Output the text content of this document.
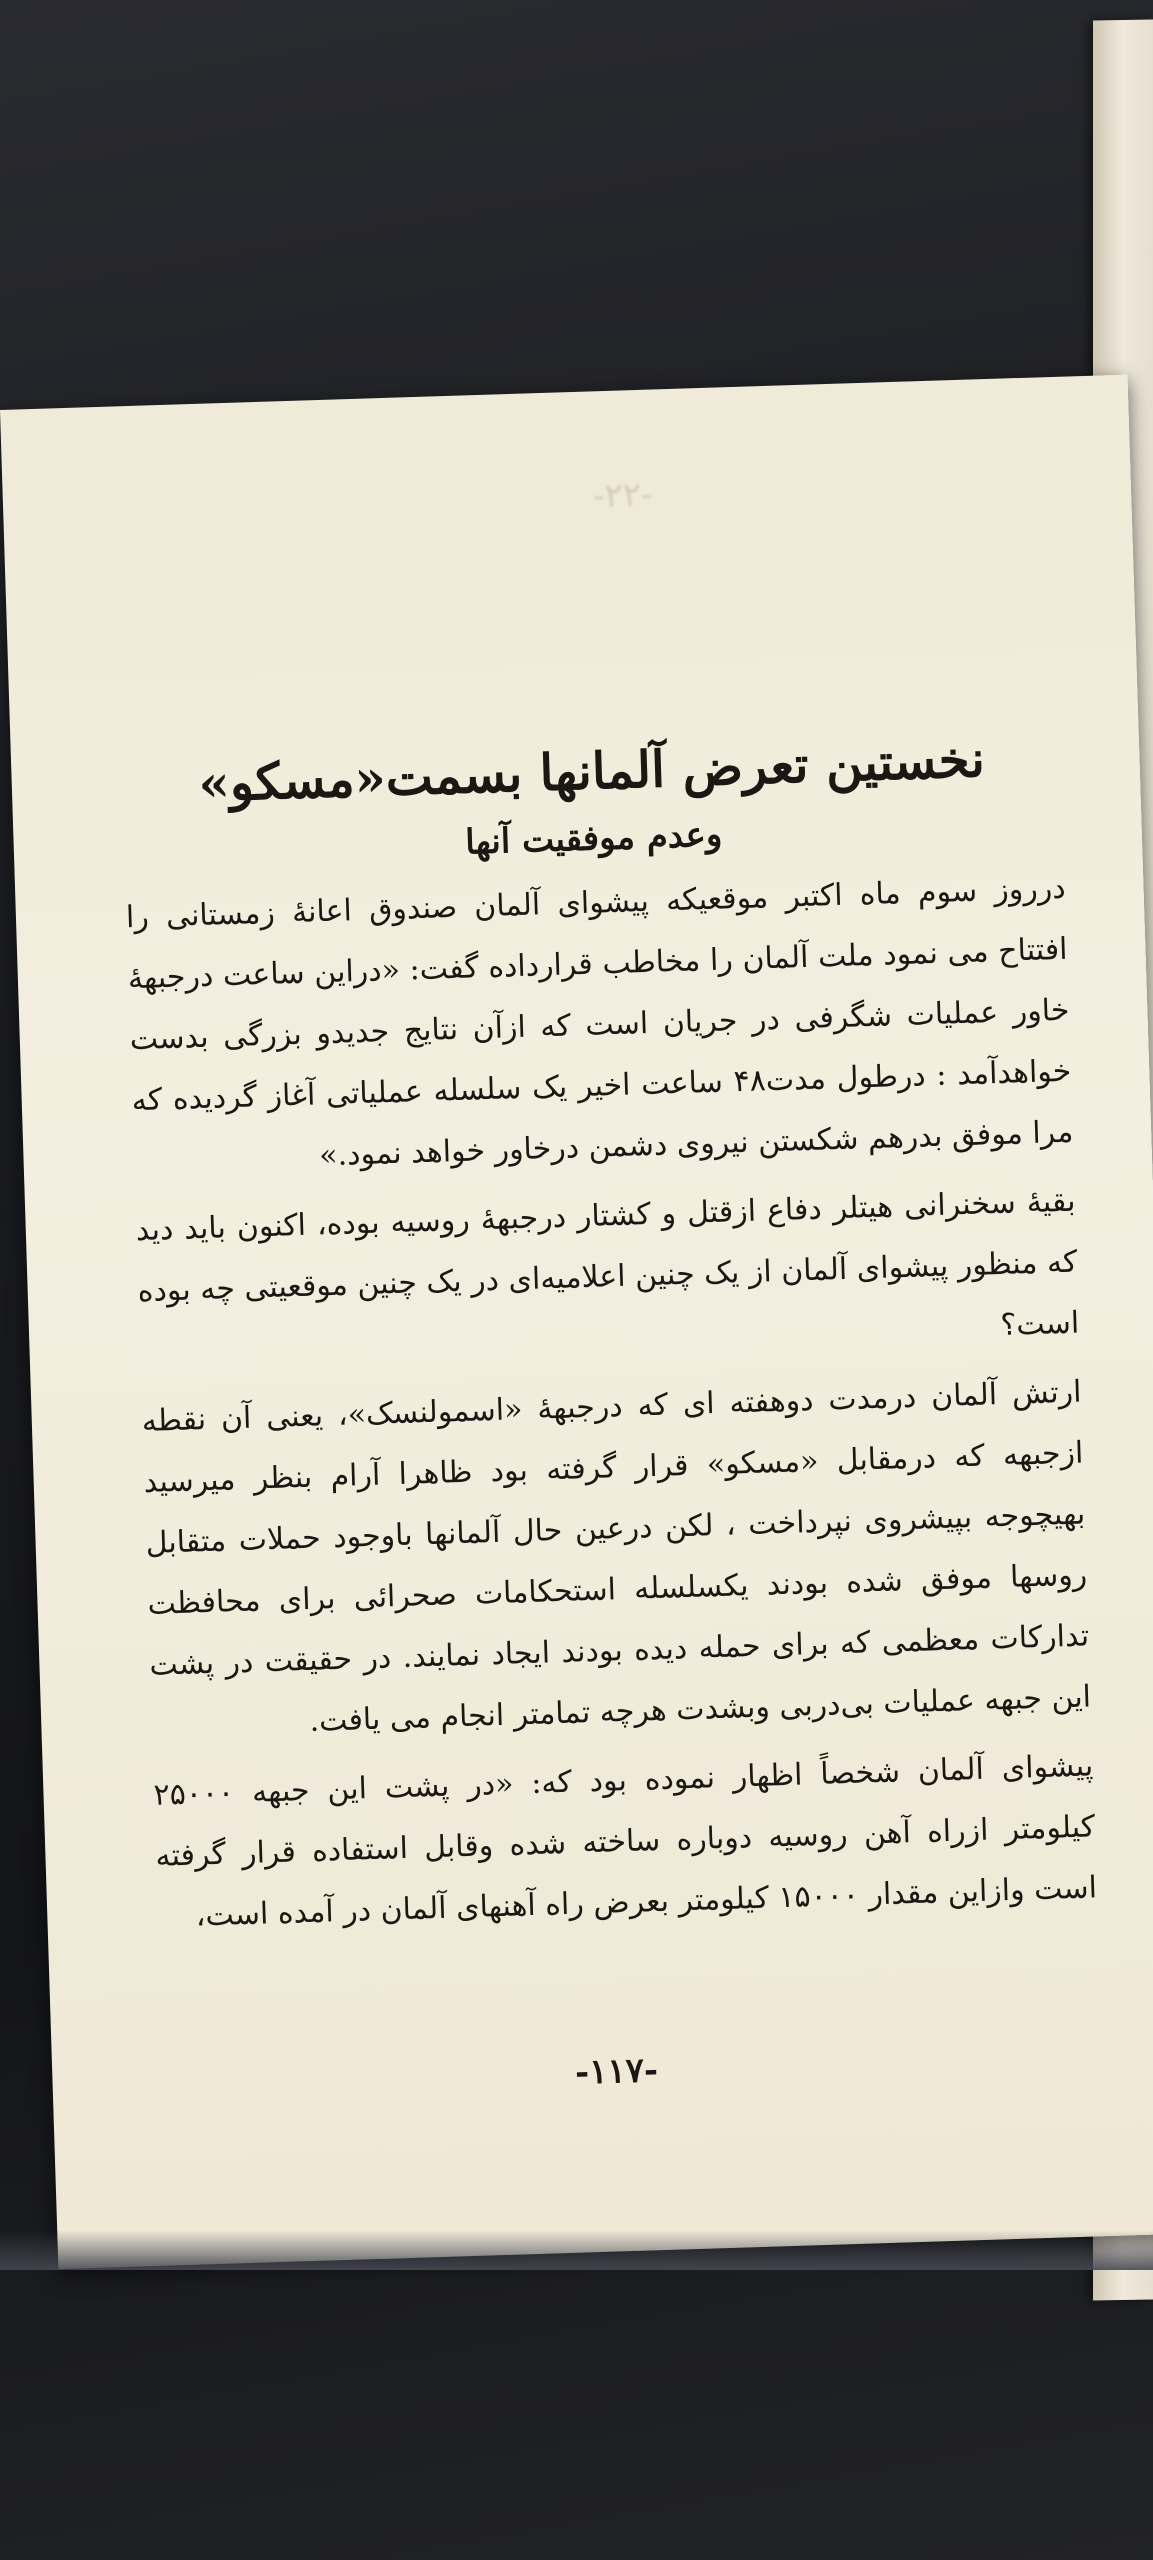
-۲۲-
نخستین تعرض آلمانها بسمت«مسکو»
وعدم موفقیت آنها

درروز سوم ماه اکتبر موقعیکه پیشوای آلمان صندوق اعانهٔ زمستانی را افتتاح می نمود ملت آلمان را مخاطب قرارداده گفت: «دراین ساعت درجبههٔ خاور عملیات شگرفی در جریان است که ازآن نتایج جدیدو بزرگی بدست خواهدآمد : درطول مدت۴۸ ساعت اخیر یک سلسله عملیاتی آغاز گردیده که مرا موفق بدرهم شکستن نیروی دشمن درخاور خواهد نمود.»

بقیهٔ سخنرانی هیتلر دفاع ازقتل و کشتار درجبههٔ روسیه بوده، اکنون باید دید که منظور پیشوای آلمان از یک چنین اعلامیه‌ای در یک چنین موقعیتی چه بوده است؟

ارتش آلمان درمدت دوهفته ای که درجبههٔ «اسمولنسک»، یعنی آن نقطه ازجبهه که درمقابل «مسکو» قرار گرفته بود ظاهرا آرام بنظر میرسید بهیچوجه بپیشروی نپرداخت ، لکن درعین حال آلمانها باوجود حملات متقابل روسها موفق شده بودند یکسلسله استحکامات صحرائی برای محافظت تدارکات معظمی که برای حمله دیده بودند ایجاد نمایند. در حقیقت در پشت این جبهه عملیات بی‌دربی وبشدت هرچه تمامتر انجام می یافت.

پیشوای آلمان شخصاً اظهار نموده بود که: «در پشت این جبهه ۲۵۰۰۰ کیلومتر ازراه آهن روسیه دوباره ساخته شده وقابل استفاده قرار گرفته است وازاین مقدار ۱۵۰۰۰ کیلومتر بعرض راه آهنهای آلمان در آمده است،

-۱۱۷-
